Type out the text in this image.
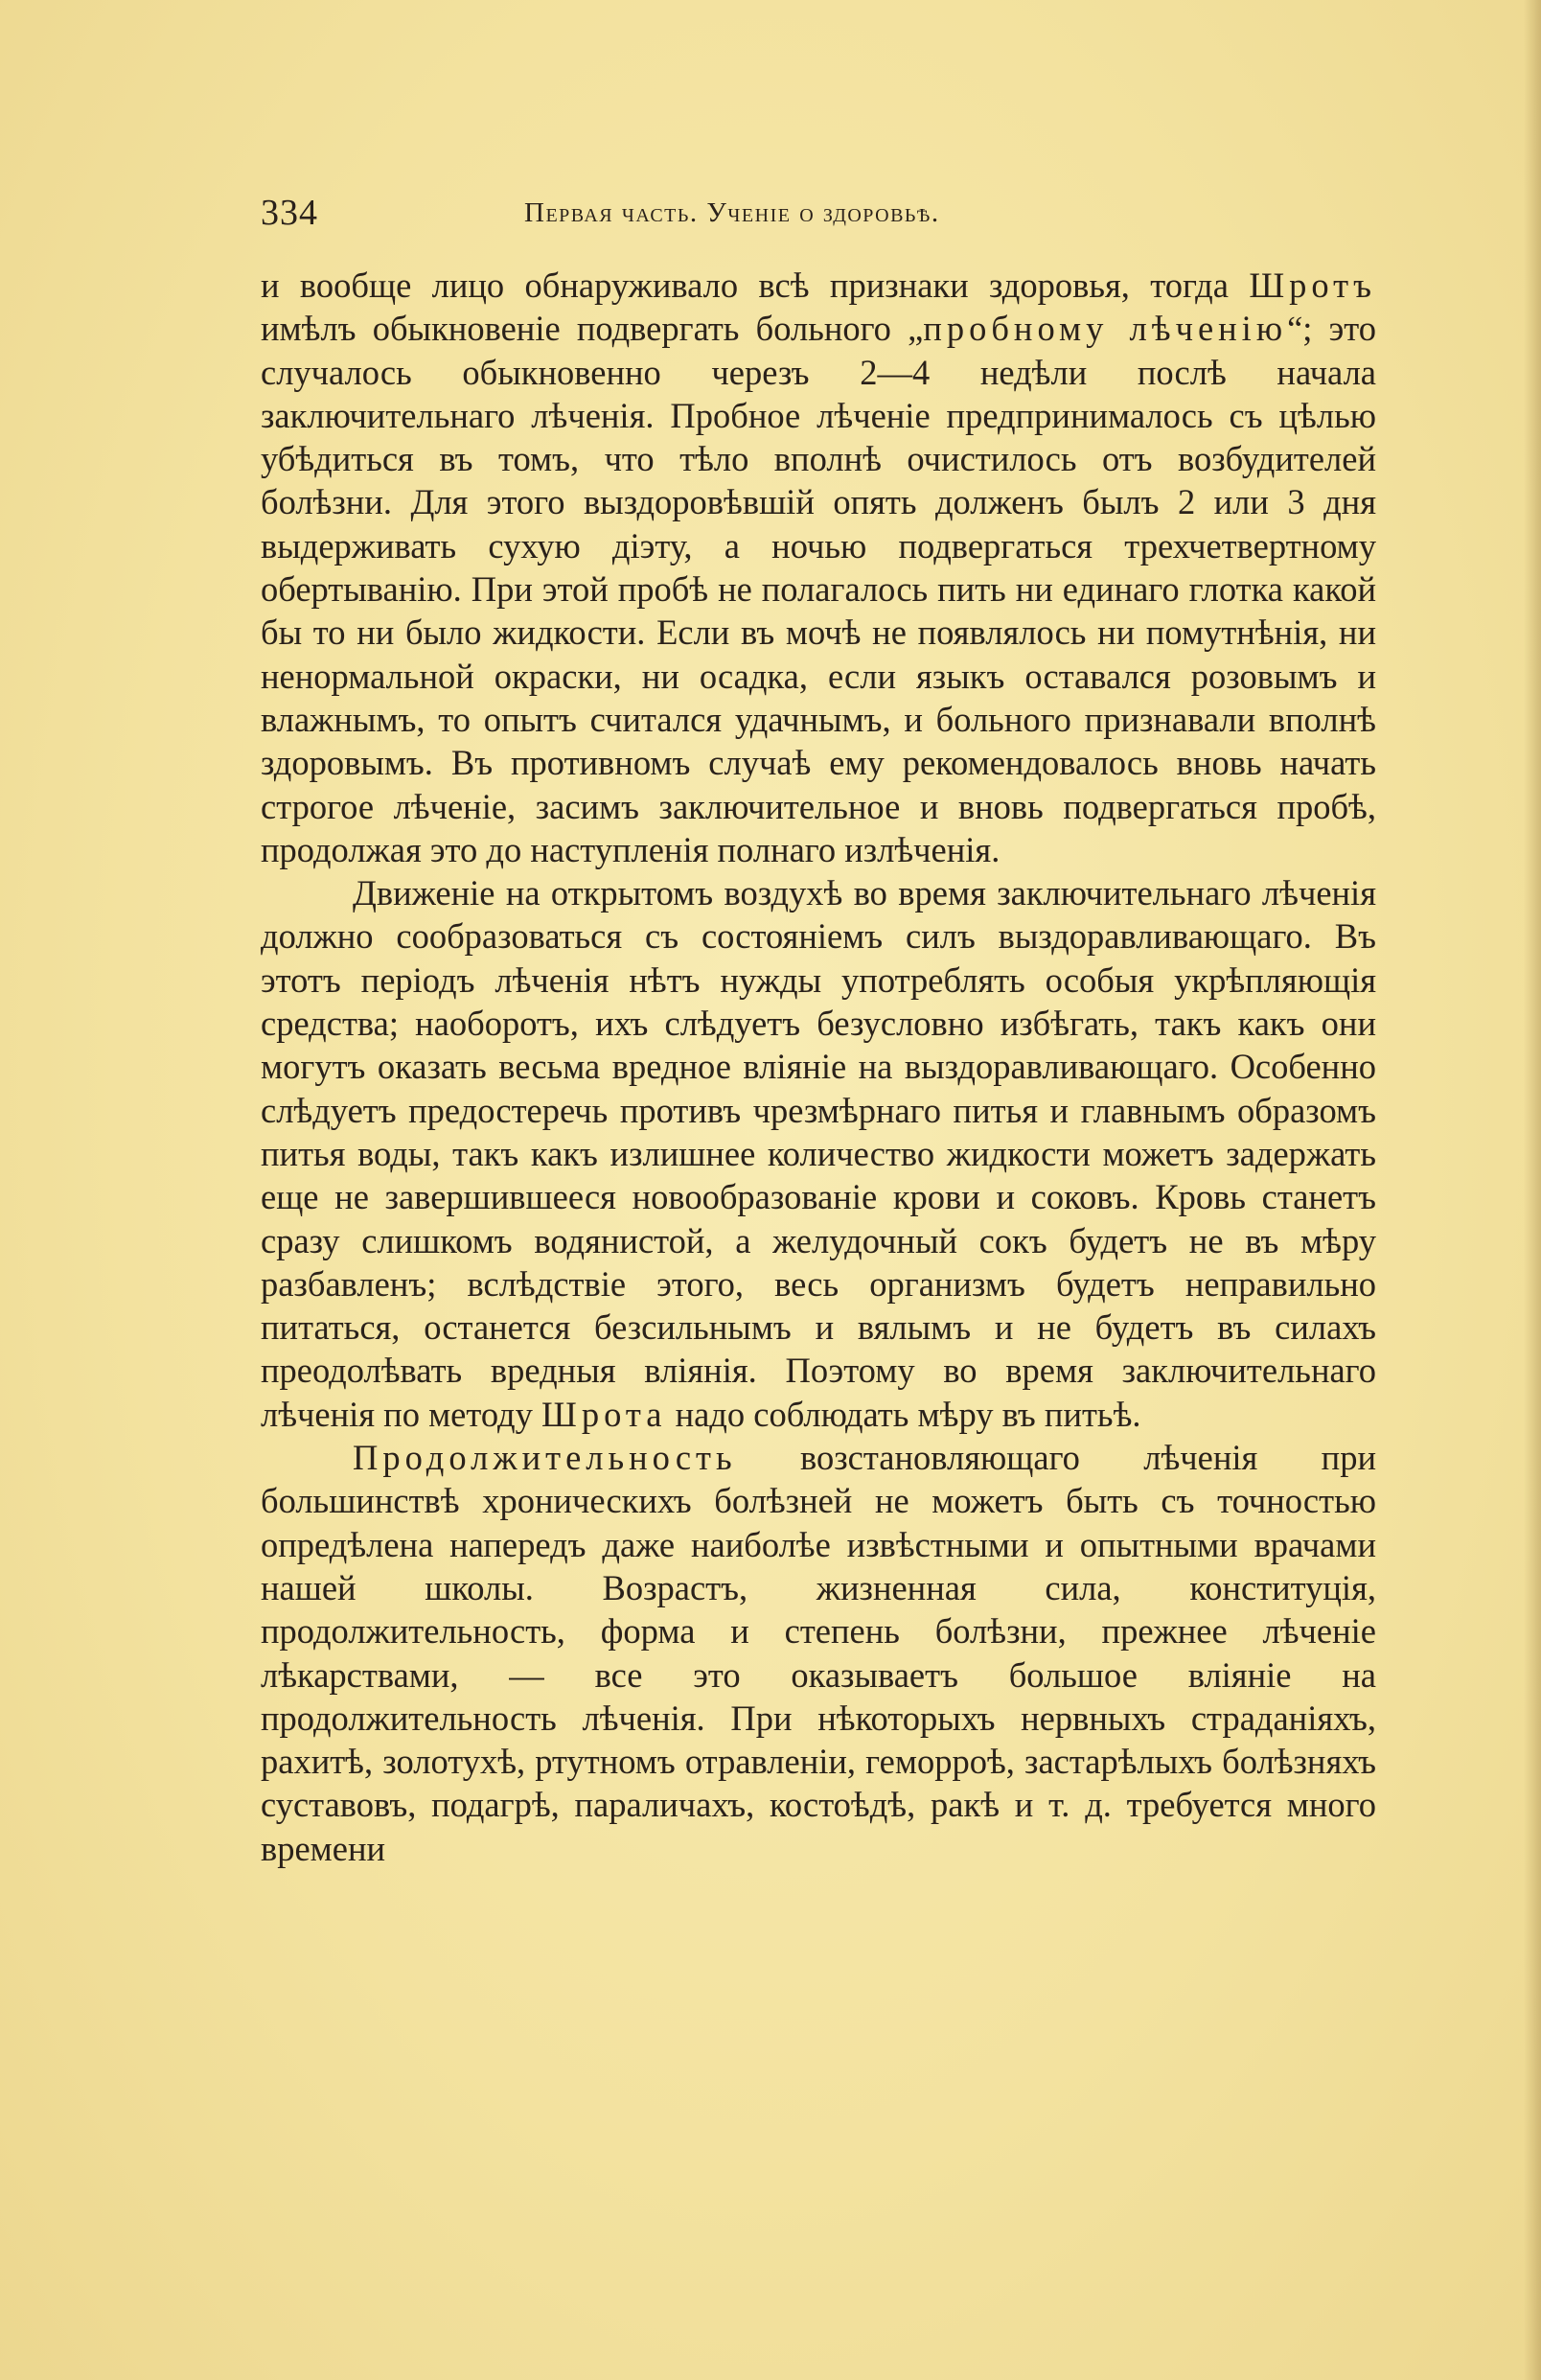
334	Первая часть. Ученіе о здоровьѣ.

и вообще лицо обнаруживало всѣ признаки здоровья, тогда Шротъ имѣлъ обыкновеніе подвергать больного „пробному лѣченію“; это случалось обыкновенно черезъ 2—4 недѣли послѣ начала заключительнаго лѣченія. Пробное лѣченіе предпринималось съ цѣлью убѣдиться въ томъ, что тѣло вполнѣ очистилось отъ возбудителей болѣзни. Для этого выздоровѣвшій опять долженъ былъ 2 или 3 дня выдерживать сухую діэту, а ночью подвергаться трехчетвертному обертыванію. При этой пробѣ не полагалось пить ни единаго глотка какой бы то ни было жидкости. Если въ мочѣ не появлялось ни помутнѣнія, ни ненормальной окраски, ни осадка, если языкъ оставался розовымъ и влажнымъ, то опытъ считался удачнымъ, и больного признавали вполнѣ здоровымъ. Въ противномъ случаѣ ему рекомендовалось вновь начать строгое лѣченіе, засимъ заключительное и вновь подвергаться пробѣ, продолжая это до наступленія полнаго излѣченія.

Движеніе на открытомъ воздухѣ во время заключительнаго лѣченія должно сообразоваться съ состояніемъ силъ выздоравливающаго. Въ этотъ періодъ лѣченія нѣтъ нужды употреблять особыя укрѣпляющія средства; наоборотъ, ихъ слѣдуетъ безусловно избѣгать, такъ какъ они могутъ оказать весьма вредное вліяніе на выздоравливающаго. Особенно слѣдуетъ предостеречь противъ чрезмѣрнаго питья и главнымъ образомъ питья воды, такъ какъ излишнее количество жидкости можетъ задержать еще не завершившееся новообразованіе крови и соковъ. Кровь станетъ сразу слишкомъ водянистой, а желудочный сокъ будетъ не въ мѣру разбавленъ; вслѣдствіе этого, весь организмъ будетъ неправильно питаться, останется безсильнымъ и вялымъ и не будетъ въ силахъ преодолѣвать вредныя вліянія. Поэтому во время заключительнаго лѣченія по методу Шрота надо соблюдать мѣру въ питьѣ.

Продолжительность возстановляющаго лѣченія при большинствѣ хроническихъ болѣзней не можетъ быть съ точностью опредѣлена напередъ даже наиболѣе извѣстными и опытными врачами нашей школы. Возрастъ, жизненная сила, конституція, продолжительность, форма и степень болѣзни, прежнее лѣченіе лѣкарствами, — все это оказываетъ большое вліяніе на продолжительность лѣченія. При нѣкоторыхъ нервныхъ страданіяхъ, рахитѣ, золотухѣ, ртутномъ отравленіи, геморроѣ, застарѣлыхъ болѣзняхъ суставовъ, подагрѣ, параличахъ, костоѣдѣ, ракѣ и т. д. требуется много времени
